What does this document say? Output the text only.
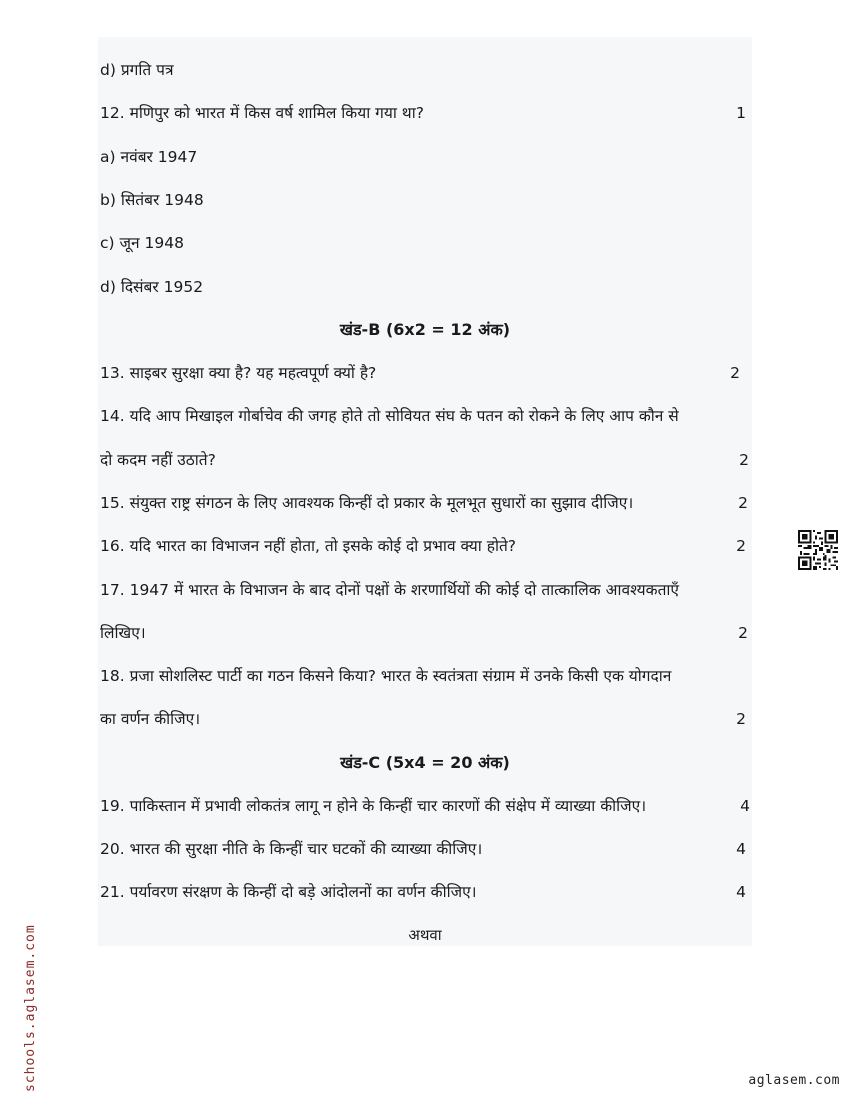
d) प्रगति पत्र
12. मणिपुर को भारत में किस वर्ष शामिल किया गया था?	1
a) नवंबर 1947
b) सितंबर 1948
c) जून 1948
d) दिसंबर 1952
खंड-B (6x2 = 12 अंक)
13. साइबर सुरक्षा क्या है? यह महत्वपूर्ण क्यों है?	2
14. यदि आप मिखाइल गोर्बाचेव की जगह होते तो सोवियत संघ के पतन को रोकने के लिए आप कौन से
दो कदम नहीं उठाते?	2
15. संयुक्त राष्ट्र संगठन के लिए आवश्यक किन्हीं दो प्रकार के मूलभूत सुधारों का सुझाव दीजिए।	2
16. यदि भारत का विभाजन नहीं होता, तो इसके कोई दो प्रभाव क्या होते?	2
17. 1947 में भारत के विभाजन के बाद दोनों पक्षों के शरणार्थियों की कोई दो तात्कालिक आवश्यकताएँ
लिखिए।	2
18. प्रजा सोशलिस्ट पार्टी का गठन किसने किया? भारत के स्वतंत्रता संग्राम में उनके किसी एक योगदान
का वर्णन कीजिए।	2
खंड-C (5x4 = 20 अंक)
19. पाकिस्तान में प्रभावी लोकतंत्र लागू न होने के किन्हीं चार कारणों की संक्षेप में व्याख्या कीजिए।	4
20. भारत की सुरक्षा नीति के किन्हीं चार घटकों की व्याख्या कीजिए।	4
21. पर्यावरण संरक्षण के किन्हीं दो बड़े आंदोलनों का वर्णन कीजिए।	4
अथवा
schools.aglasem.com	aglasem.com
